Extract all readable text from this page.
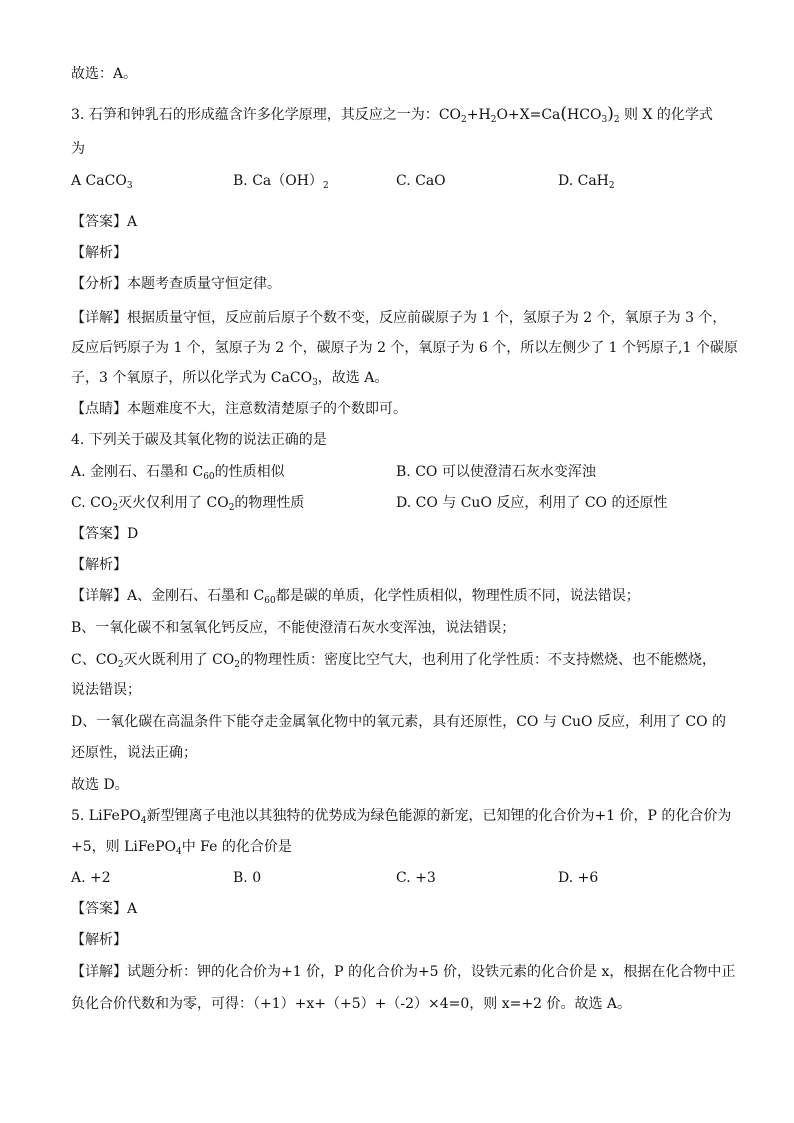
故选：A。
3. 石笋和钟乳石的形成蕴含许多化学原理，其反应之一为：$CO_2+H_2O+X=Ca(HCO_3)_2$ 则 X 的化学式
为
A CaCO$_3$	B. $Ca(OH)_2$	C. CaO	D. CaH$_2$
【答案】A
【解析】
【分析】本题考查质量守恒定律。
【详解】根据质量守恒，反应前后原子个数不变，反应前碳原子为 1 个，氢原子为 2 个，氧原子为 3 个，
反应后钙原子为 1 个，氢原子为 2 个，碳原子为 2 个，氧原子为 6 个，所以左侧少了 1 个钙原子,1 个碳原
子，3 个氧原子，所以化学式为 CaCO$_3$，故选 A。
【点睛】本题难度不大，注意数清楚原子的个数即可。
4. 下列关于碳及其氧化物的说法正确的是
A. 金刚石、石墨和 $C_{60}$的性质相似	B. CO 可以使澄清石灰水变浑浊
C. $CO_2$灭火仅利用了 $CO_2$的物理性质	D. CO 与 CuO 反应，利用了 CO 的还原性
【答案】D
【解析】
【详解】A、金刚石、石墨和 $C_{60}$都是碳的单质，化学性质相似，物理性质不同，说法错误；
B、一氧化碳不和氢氧化钙反应，不能使澄清石灰水变浑浊，说法错误；
C、$CO_2$灭火既利用了 $CO_2$的物理性质：密度比空气大，也利用了化学性质：不支持燃烧、也不能燃烧，
说法错误；
D、一氧化碳在高温条件下能夺走金属氧化物中的氧元素，具有还原性，CO 与 CuO 反应，利用了 CO 的
还原性，说法正确；
故选 D。
5. LiFePO$_4$新型锂离子电池以其独特的优势成为绿色能源的新宠，已知锂的化合价为+1 价，P 的化合价为
+5，则 LiFePO$_4$中 Fe 的化合价是
A. +2	B. 0	C. +3	D. +6
【答案】A
【解析】
【详解】试题分析：钾的化合价为+1 价，P 的化合价为+5 价，设铁元素的化合价是 x，根据在化合物中正
负化合价代数和为零，可得：（+1）+x+（+5）+（-2）×4=0，则 x=+2 价。故选 A。
